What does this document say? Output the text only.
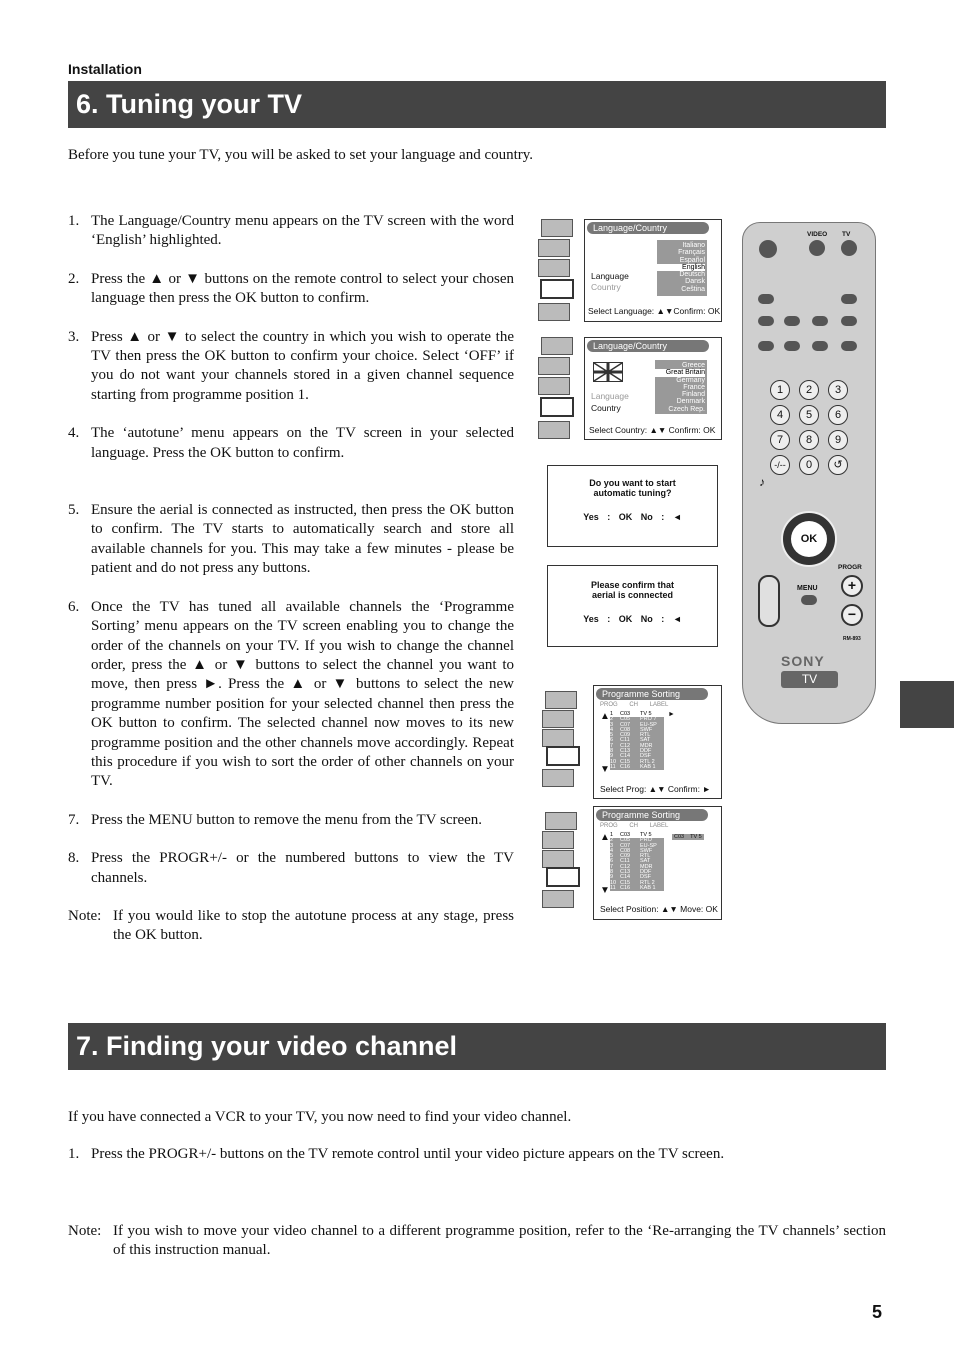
Installation
6. Tuning your TV
Before you tune your TV, you will be asked to set your language and country.
1. The Language/Country menu appears on the TV screen with the word ‘English’ highlighted.
2. Press the ▲ or ▼ buttons on the remote control to select your chosen language then press the OK button to confirm.
3. Press ▲ or ▼ to select the country in which you wish to operate the TV then press the OK button to confirm your choice. Select ‘OFF’ if you do not want your channels stored in a given channel sequence starting from programme position 1.
4. The ‘autotune’ menu appears on the TV screen in your selected language. Press the OK button to confirm.
5. Ensure the aerial is connected as instructed, then press the OK button to confirm. The TV starts to automatically search and store all available channels for you. This may take a few minutes - please be patient and do not press any buttons.
6. Once the TV has tuned all available channels the ‘Programme Sorting’ menu appears on the TV screen enabling you to change the order of the channels on your TV. If you wish to change the channel order, press the ▲ or ▼ buttons to select the channel you want to move, then press ►. Press the ▲ or ▼ buttons to select the new programme number position for your selected channel then press the OK button to confirm. The selected channel now moves to its new programme position and the other channels move accordingly. Repeat this procedure if you wish to sort the order of other channels on your TV.
7. Press the MENU button to remove the menu from the TV screen.
8. Press the PROGR+/- or the numbered buttons to view the TV channels.
Note: If you would like to stop the autotune process at any stage, press the OK button.
Language/Country
Italiano
Français
Español
English
Deutsch
Dansk
Ceština
Language
Country
Select Language: ▲▼Confirm: OK
Language/Country
Greece
Great Britain
Germany
France
Finland
Denmark
Czech Rep.
Language
Country
Select Country: ▲▼ Confirm: OK
Do you want to start
automatic tuning?
Yes : OK No : ◄
Please confirm that
aerial is connected
Yes : OK No : ◄
Programme Sorting
PROG CH LABEL
▲
▼
►
1	C03	TV 5
2	C05	PRO 7
3	C07	EU-SP
4	C08	SWF
5	C09	RTL
6	C11	SAT
7	C12	MDR
8	C13	DDF
9	C14	DSF
10 C15	RTL 2
11 C16	KAB 1
Select Prog: ▲▼ Confirm: ►
Programme Sorting
PROG CH LABEL
▲
▼
C03    TV 5
1	C03	TV 5
2	C05	PRO
3	C07	EU-SP
4	C08	SWF
5	C09	RTL
6	C11	SAT
7	C12	MDR
8	C13	DDF
9	C14	DSF
10 C15	RTL 2
11 C16	KAB 1
Select Position: ▲▼ Move: OK
VIDEO TV
1	2	3
4	5	6
7	8	9
-/--	0	↺
♪
OK
PROGR
+
−
MENU
RM-893
SONY
TV
7. Finding your video channel
If you have connected a VCR to your TV, you now need to find your video channel.
1. Press the PROGR+/- buttons on the TV remote control until your video picture appears on the TV screen.
Note: If you wish to move your video channel to a different programme position, refer to the ‘Re-arranging the TV channels’ section of this instruction manual.
5
